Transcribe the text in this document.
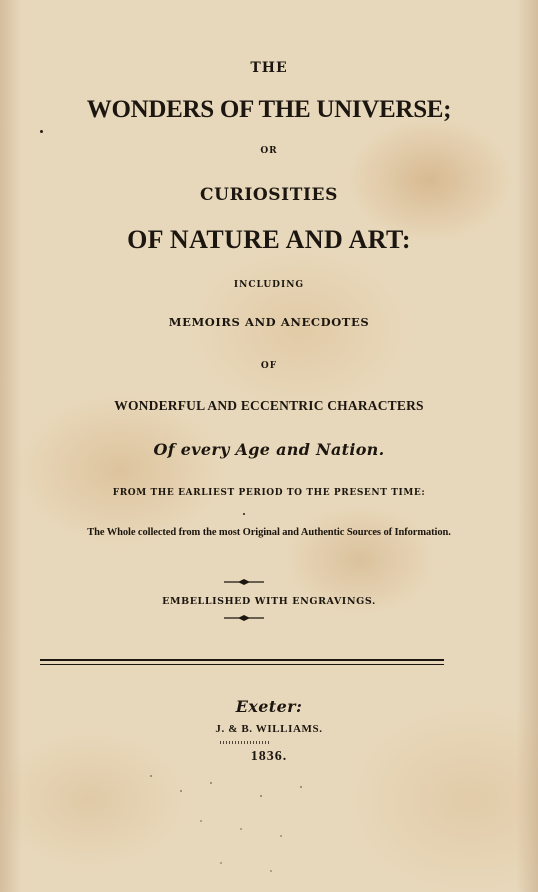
THE
WONDERS OF THE UNIVERSE;
OR
CURIOSITIES
OF NATURE AND ART:
INCLUDING
MEMOIRS AND ANECDOTES
OF
WONDERFUL AND ECCENTRIC CHARACTERS
Of every Age and Nation.
FROM THE EARLIEST PERIOD TO THE PRESENT TIME:
The Whole collected from the most Original and Authentic Sources of Information.
EMBELLISHED WITH ENGRAVINGS.
Exeter:
J. & B. WILLIAMS.
1836.
